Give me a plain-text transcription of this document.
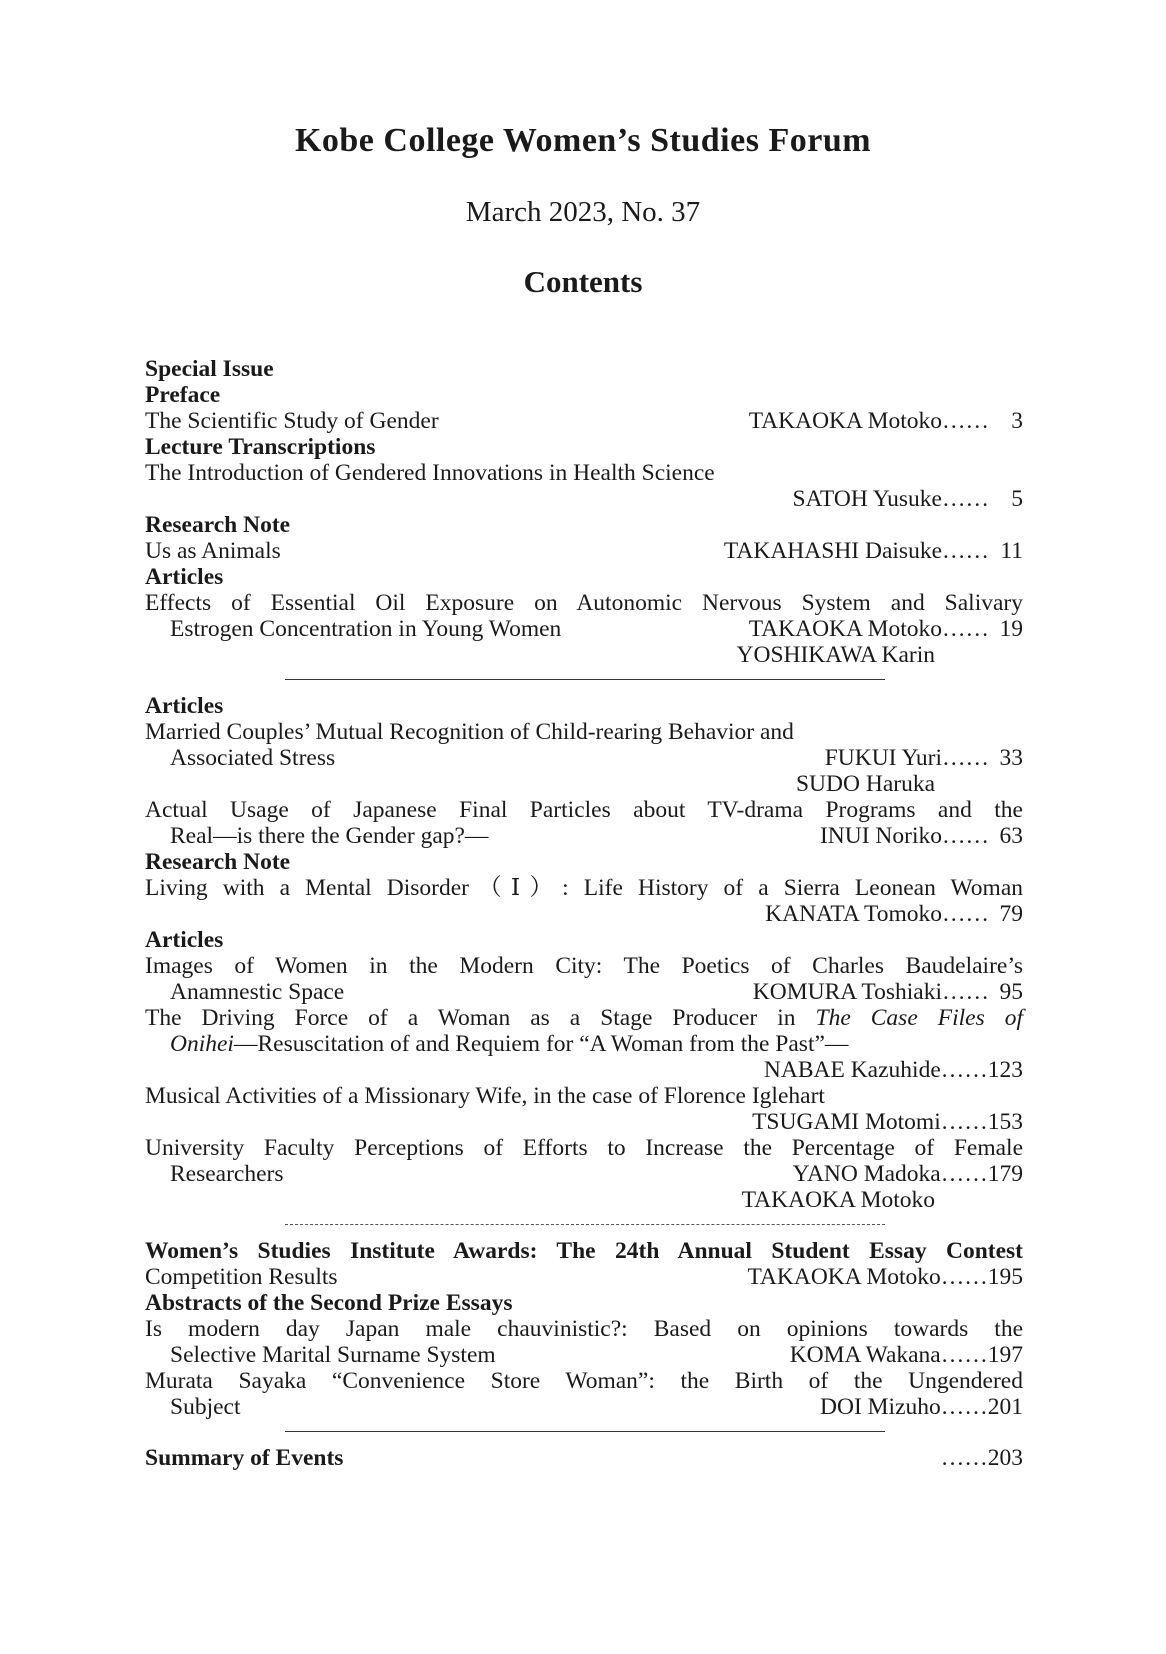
Kobe College Women’s Studies Forum
March 2023, No. 37
Contents
Special Issue
Preface
The Scientific Study of Gender	TAKAOKA Motoko…… 3
Lecture Transcriptions
The Introduction of Gendered Innovations in Health Science
SATOH Yusuke…… 5
Research Note
Us as Animals	TAKAHASHI Daisuke…… 11
Articles
Effects of Essential Oil Exposure on Autonomic Nervous System and Salivary
Estrogen Concentration in Young Women	TAKAOKA Motoko…… 19
YOSHIKAWA Karin
Articles
Married Couples’ Mutual Recognition of Child-rearing Behavior and
Associated Stress	FUKUI Yuri…… 33
SUDO Haruka
Actual Usage of Japanese Final Particles about TV-drama Programs and the
Real—is there the Gender gap?—	INUI Noriko…… 63
Research Note
Living with a Mental Disorder（Ⅰ）: Life History of a Sierra Leonean Woman
KANATA Tomoko…… 79
Articles
Images of Women in the Modern City: The Poetics of Charles Baudelaire’s
Anamnestic Space	KOMURA Toshiaki…… 95
The Driving Force of a Woman as a Stage Producer in The Case Files of
Onihei—Resuscitation of and Requiem for “A Woman from the Past”—
NABAE Kazuhide……123
Musical Activities of a Missionary Wife, in the case of Florence Iglehart
TSUGAMI Motomi……153
University Faculty Perceptions of Efforts to Increase the Percentage of Female
Researchers	YANO Madoka……179
TAKAOKA Motoko
Women’s Studies Institute Awards: The 24th Annual Student Essay Contest
Competition Results	TAKAOKA Motoko……195
Abstracts of the Second Prize Essays
Is modern day Japan male chauvinistic?: Based on opinions towards the
Selective Marital Surname System	KOMA Wakana……197
Murata Sayaka “Convenience Store Woman”: the Birth of the Ungendered
Subject	DOI Mizuho……201
Summary of Events	……203
